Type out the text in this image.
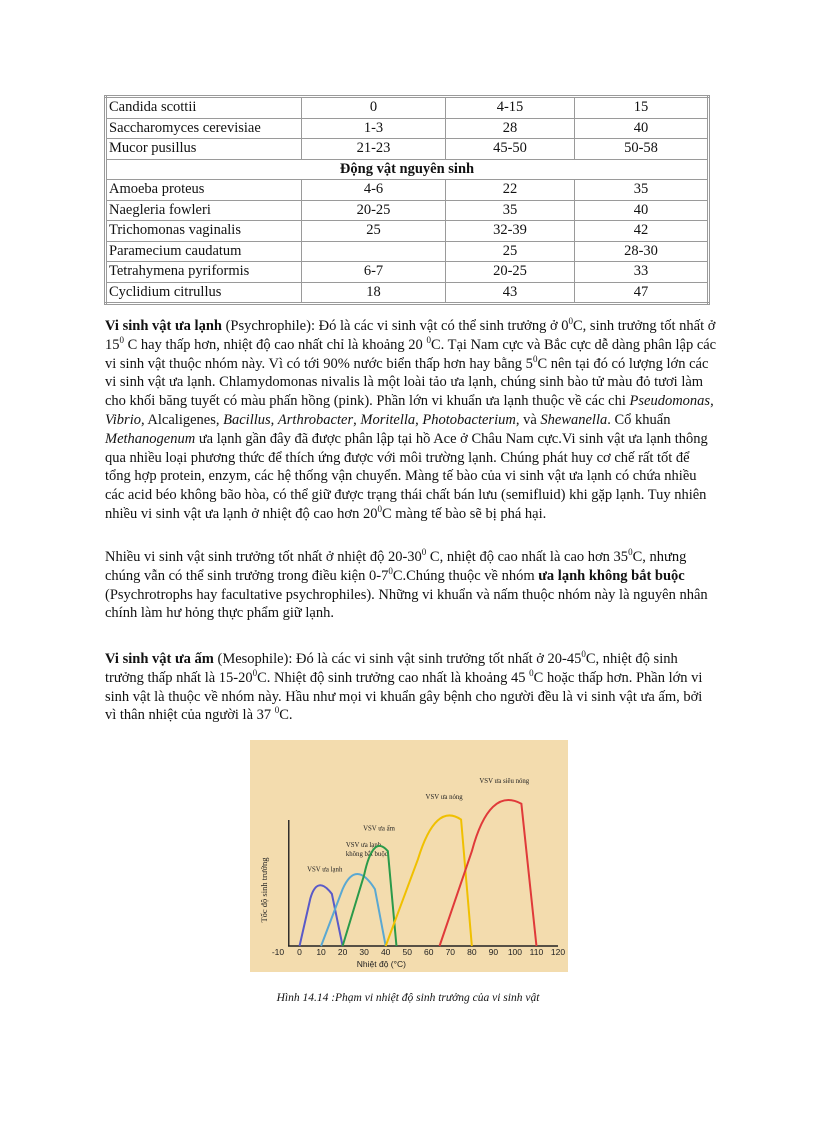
Candida scottii	0	4-15	15
Saccharomyces cerevisiae	1-3	28	40
Mucor pusillus	21-23	45-50	50-58
Động vật nguyên sinh			
Amoeba proteus	4-6	22	35
Naegleria fowleri	20-25	35	40
Trichomonas vaginalis	25	32-39	42
Paramecium caudatum		25	28-30
Tetrahymena pyriformis	6-7	20-25	33
Cyclidium citrullus	18	43	47

Vi sinh vật ưa lạnh (Psychrophile): Đó là các vi sinh vật có thể sinh trưởng ở $0^0C$, sinh trưởng tốt nhất ở $15^0$ C hay thấp hơn, nhiệt độ cao nhất chỉ là khoảng 20 $^0$C. Tại Nam cực và Bắc cực dễ dàng phân lập các vi sinh vật thuộc nhóm này. Vì có tới 90% nước biển thấp hơn hay bằng $5^0C$ nên tại đó có lượng lớn các vi sinh vật ưa lạnh. Chlamydomonas nivalis là một loài tảo ưa lạnh, chúng sinh bào tử màu đỏ tươi làm cho khối băng tuyết có màu phấn hồng (pink). Phần lớn vi khuẩn ưa lạnh thuộc về các chi Pseudomonas, Vibrio, Alcaligenes, Bacillus, Arthrobacter, Moritella, Photobacterium, và Shewanella. Cổ khuẩn Methanogenum ưa lạnh gần đây đã được phân lập tại hồ Ace ở Châu Nam cực.Vi sinh vật ưa lạnh thông qua nhiều loại phương thức để thích ứng được với môi trường lạnh. Chúng phát huy cơ chế rất tốt để tổng hợp protein, enzym, các hệ thống vận chuyển. Màng tế bào của vi sinh vật ưa lạnh có chứa nhiều các acid béo không bão hòa, có thể giữ được trạng thái chất bán lưu (semifluid) khi gặp lạnh. Tuy nhiên nhiều vi sinh vật ưa lạnh ở nhiệt độ cao hơn $20^0C$ màng tế bào sẽ bị phá hại.

Nhiều vi sinh vật sinh trưởng tốt nhất ở nhiệt độ $20-30^0$ C, nhiệt độ cao nhất là cao hơn $35^0C$, nhưng chúng vẫn có thể sinh trưởng trong điều kiện $0-7^0C.Chúng$ thuộc về nhóm ưa lạnh không bắt buộc (Psychrotrophs hay facultative psychrophiles). Những vi khuẩn và nấm thuộc nhóm này là nguyên nhân chính làm hư hỏng thực phẩm giữ lạnh.

Vi sinh vật ưa ấm (Mesophile): Đó là các vi sinh vật sinh trưởng tốt nhất ở $20-45^0C$, nhiệt độ sinh trưởng thấp nhất là $15-20^0C$. Nhiệt độ sinh trưởng cao nhất là khoảng 45 $^0$C hoặc thấp hơn. Phần lớn vi sinh vật là thuộc về nhóm này. Hầu như mọi vi khuẩn gây bệnh cho người đều là vi sinh vật ưa ấm, bởi vì thân nhiệt của người là 37 $^0$C.

Tốc độ sinh trưởng
-10 0 10 20 30 40 50 60 70 80 90 100 110 120
Nhiệt độ (°C)
VSV ưa lạnh
VSV ưa lạnh
không bắt buộc
VSV ưa ấm
VSV ưa nóng
VSV ưa siêu nóng
Hình 14.14 :Phạm vi nhiệt độ sinh trưởng của vi sinh vật
